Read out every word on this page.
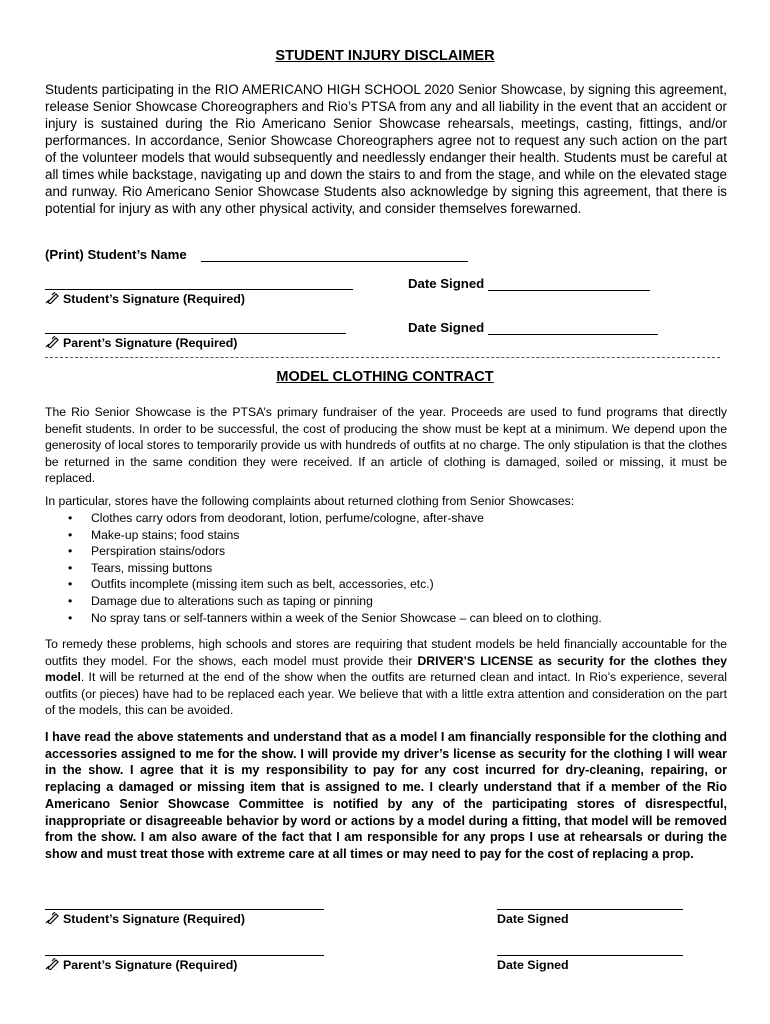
STUDENT INJURY DISCLAIMER

Students participating in the RIO AMERICANO HIGH SCHOOL 2020 Senior Showcase, by signing this agreement, release Senior Showcase Choreographers and Rio’s PTSA from any and all liability in the event that an accident or injury is sustained during the Rio Americano Senior Showcase rehearsals, meetings, casting, fittings, and/or performances. In accordance, Senior Showcase Choreographers agree not to request any such action on the part of the volunteer models that would subsequently and needlessly endanger their health. Students must be careful at all times while backstage, navigating up and down the stairs to and from the stage, and while on the elevated stage and runway. Rio Americano Senior Showcase Students also acknowledge by signing this agreement, that there is potential for injury as with any other physical activity, and consider themselves forewarned.

(Print) Student’s Name
Student’s Signature (Required)
Date Signed
Parent’s Signature (Required)
Date Signed
MODEL CLOTHING CONTRACT

The Rio Senior Showcase is the PTSA’s primary fundraiser of the year. Proceeds are used to fund programs that directly benefit students. In order to be successful, the cost of producing the show must be kept at a minimum. We depend upon the generosity of local stores to temporarily provide us with hundreds of outfits at no charge. The only stipulation is that the clothes be returned in the same condition they were received. If an article of clothing is damaged, soiled or missing, it must be replaced.

In particular, stores have the following complaints about returned clothing from Senior Showcases:

• Clothes carry odors from deodorant, lotion, perfume/cologne, after-shave
• Make-up stains; food stains
• Perspiration stains/odors
• Tears, missing buttons
• Outfits incomplete (missing item such as belt, accessories, etc.)
• Damage due to alterations such as taping or pinning
• No spray tans or self-tanners within a week of the Senior Showcase – can bleed on to clothing.

To remedy these problems, high schools and stores are requiring that student models be held financially accountable for the outfits they model. For the shows, each model must provide their DRIVER’S LICENSE as security for the clothes they model. It will be returned at the end of the show when the outfits are returned clean and intact. In Rio’s experience, several outfits (or pieces) have had to be replaced each year. We believe that with a little extra attention and consideration on the part of the models, this can be avoided.

I have read the above statements and understand that as a model I am financially responsible for the clothing and accessories assigned to me for the show. I will provide my driver’s license as security for the clothing I will wear in the show. I agree that it is my responsibility to pay for any cost incurred for dry-cleaning, repairing, or replacing a damaged or missing item that is assigned to me. I clearly understand that if a member of the Rio Americano Senior Showcase Committee is notified by any of the participating stores of disrespectful, inappropriate or disagreeable behavior by word or actions by a model during a fitting, that model will be removed from the show. I am also aware of the fact that I am responsible for any props I use at rehearsals or during the show and must treat those with extreme care at all times or may need to pay for the cost of replacing a prop.

Student’s Signature (Required)	Date Signed
Parent’s Signature (Required)	Date Signed
